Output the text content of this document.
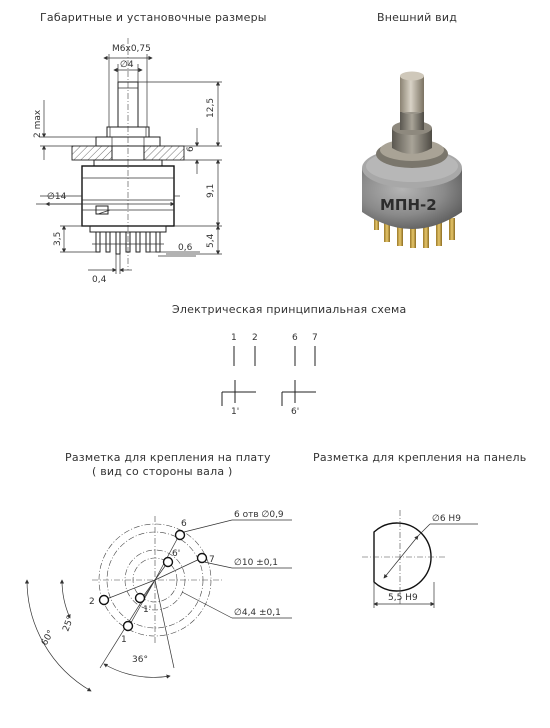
Габаритные и установочные размеры	Внешний вид
Электрическая принципиальная схема
Разметка для крепления на плату
( вид со стороны вала )
Разметка для крепления на панель
M6x0,75
∅4
12,5
6
9,1
5,4
2 max
∅14
3,5
0,4
0,6
МПН-2
1 2	6 7
1'	6'
6
6'
7
2
1'
1
6 отв ∅0,9
∅10 ±0,1
∅4,4 ±0,1
60°
25°
36°
∅6 Н9
5,5 Н9
